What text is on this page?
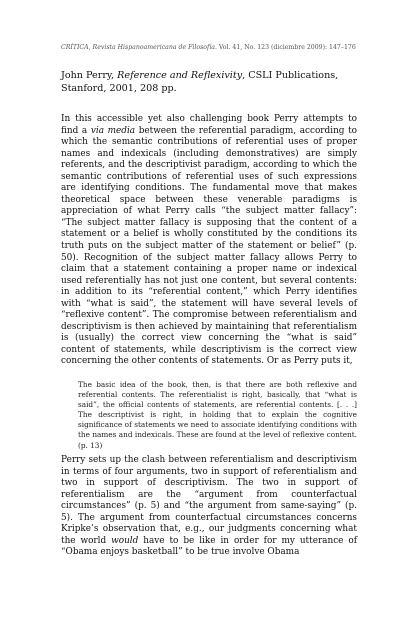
CRÍTICA, Revista Hispanoamericana de Filosofía. Vol. 41, No. 123 (diciembre 2009): 147–176
John Perry, Reference and Reflexivity, CSLI Publications, Stanford, 2001, 208 pp.

In this accessible yet also challenging book Perry attempts to find a via media between the referential paradigm, according to which the semantic contributions of referential uses of proper names and indexicals (including demonstratives) are simply referents, and the descriptivist paradigm, according to which the semantic contributions of referential uses of such expressions are identifying conditions. The fundamental move that makes theoretical space between these venerable paradigms is appreciation of what Perry calls “the subject matter fallacy”: “The subject matter fallacy is supposing that the content of a statement or a belief is wholly constituted by the conditions its truth puts on the subject matter of the statement or belief” (p. 50). Recognition of the subject matter fallacy allows Perry to claim that a statement containing a proper name or indexical used referentially has not just one content, but several contents: in addition to its “referential content,” which Perry identifies with “what is said”, the statement will have several levels of “reflexive content”. The compromise between referentialism and descriptivism is then achieved by maintaining that referentialism is (usually) the correct view concerning the “what is said” content of statements, while descriptivism is the correct view concerning the other contents of statements. Or as Perry puts it,

The basic idea of the book, then, is that there are both reflexive and referential contents. The referentialist is right, basically, that “what is said”, the official contents of statements, are referential contents. [. . .] The descriptivist is right, in holding that to explain the cognitive significance of statements we need to associate identifying conditions with the names and indexicals. These are found at the level of reflexive content. (p. 13)

Perry sets up the clash between referentialism and descriptivism in terms of four arguments, two in support of referentialism and two in support of descriptivism. The two in support of referentialism are the “argument from counterfactual circumstances” (p. 5) and “the argument from same-saying” (p. 5). The argument from counterfactual circumstances concerns Kripke’s observation that, e.g., our judgments concerning what the world would have to be like in order for my utterance of “Obama enjoys basketball” to be true involve Obama
